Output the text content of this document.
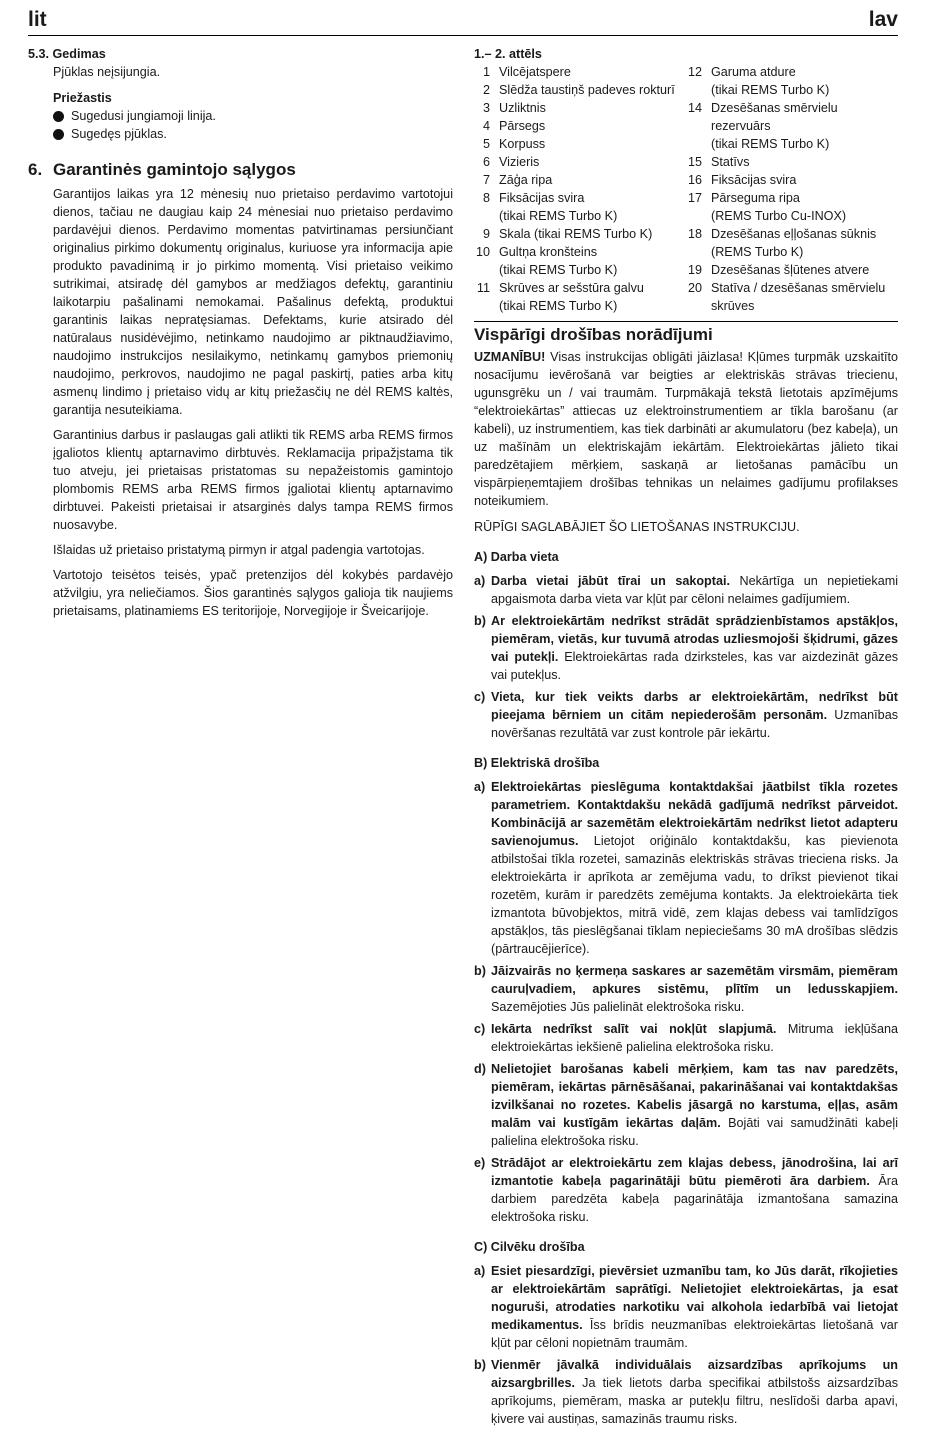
lit	lav

5.3. Gedimas

Pjūklas neįsijungia.
Priežastis
Sugedusi jungiamoji linija.
Sugedęs pjūklas.
6. Garantinės gamintojo sąlygos

Garantijos laikas yra 12 mėnesių nuo prietaiso perdavimo vartotojui dienos, tačiau ne daugiau kaip 24 mėnesiai nuo prietaiso perdavimo pardavėjui dienos. Perdavimo momentas patvirtinamas persiunčiant originalius pirkimo dokumentų originalus, kuriuose yra informacija apie produkto pavadinimą ir jo pirkimo momentą. Visi prietaiso veikimo sutrikimai, atsiradę dėl gamybos ar medžiagos defektų, garantiniu laikotarpiu pašalinami nemokamai. Pašalinus defektą, produktui garantinis laikas nepratęsiamas. Defektams, kurie atsirado dėl natūralaus nusidėvėjimo, netinkamo naudojimo ar piktnaudžiavimo, naudojimo instrukcijos nesilaikymo, netinkamų gamybos priemonių naudojimo, perkrovos, naudojimo ne pagal paskirtį, paties arba kitų asmenų lindimo į prietaiso vidų ar kitų priežasčių ne dėl REMS kaltės, garantija nesuteikiama.

Garantinius darbus ir paslaugas gali atlikti tik REMS arba REMS firmos įgaliotos klientų aptarnavimo dirbtuvės. Reklamacija pripažįstama tik tuo atveju, jei prietaisas pristatomas su nepažeistomis gamintojo plombomis REMS arba REMS firmos įgaliotai klientų aptarnavimo dirbtuvei. Pakeisti prietaisai ir atsarginės dalys tampa REMS firmos nuosavybe.

Išlaidas už prietaiso pristatymą pirmyn ir atgal padengia vartotojas.

Vartotojo teisėtos teisės, ypač pretenzijos dėl kokybės pardavėjo atžvilgiu, yra neliečiamos. Šios garantinės sąlygos galioja tik naujiems prietaisams, platinamiems ES teritorijoje, Norvegijoje ir Šveicarijoje.

1.– 2. attēls
1 Vilcējatspere
2 Slēdža taustiņš padeves rokturī
3 Uzliktnis
4 Pārsegs
5 Korpuss
6 Vizieris
7 Zāģa ripa
8 Fiksācijas svira
(tikai REMS Turbo K)
9 Skala (tikai REMS Turbo K)
10 Gultņa kronšteins
(tikai REMS Turbo K)
11 Skrūves ar sešstūra galvu
(tikai REMS Turbo K)
12 Garuma atdure
(tikai REMS Turbo K)
14 Dzesēšanas smērvielu rezervuārs
(tikai REMS Turbo K)
15 Statīvs
16 Fiksācijas svira
17 Pārseguma ripa
(REMS Turbo Cu-INOX)
18 Dzesēšanas eļļošanas sūknis
(REMS Turbo K)
19 Dzesēšanas šļūtenes atvere
20 Statīva / dzesēšanas smērvielu
skrūves
Vispārīgi drošības norādījumi

UZMANĪBU! Visas instrukcijas obligāti jāizlasa! Kļūmes turpmāk uzskaitīto nosacījumu ievērošanā var beigties ar elektriskās strāvas triecienu, ugunsgrēku un / vai traumām. Turpmākajā tekstā lietotais apzīmējums “elektroiekārtas” attiecas uz elektroinstrumentiem ar tīkla barošanu (ar kabeli), uz instrumentiem, kas tiek darbināti ar akumulatoru (bez kabeļa), un uz mašīnām un elektriskajām iekārtām. Elektroiekārtas jālieto tikai paredzētajiem mērķiem, saskaņā ar lietošanas pamācību un vispārpieņemtajiem drošības tehnikas un nelaimes gadījumu profilakses noteikumiem.

RŪPĪGI SAGLABĀJIET ŠO LIETOŠANAS INSTRUKCIJU.

A) Darba vieta
a) Darba vietai jābūt tīrai un sakoptai. Nekārtīga un nepietiekami apgaismota darba vieta var kļūt par cēloni nelaimes gadījumiem.
b) Ar elektroiekārtām nedrīkst strādāt sprādzienbīstamos apstākļos, piemēram, vietās, kur tuvumā atrodas uzliesmojoši šķidrumi, gāzes vai putekļi. Elektroiekārtas rada dzirksteles, kas var aizdezināt gāzes vai putekļus.
c) Vieta, kur tiek veikts darbs ar elektroiekārtām, nedrīkst būt pieejama bērniem un citām nepiederošām personām. Uzmanības novēršanas rezultātā var zust kontrole pār iekārtu.
B) Elektriskā drošība
a) Elektroiekārtas pieslēguma kontaktdakšai jāatbilst tīkla rozetes parametriem. Kontaktdakšu nekādā gadījumā nedrīkst pārveidot. Kombinācijā ar sazemētām elektroiekārtām nedrīkst lietot adapteru savienojumus. Lietojot oriģinālo kontaktdakšu, kas pievienota atbilstošai tīkla rozetei, samazinās elektriskās strāvas trieciena risks. Ja elektroiekārta ir aprīkota ar zemējuma vadu, to drīkst pievienot tikai rozetēm, kurām ir paredzēts zemējuma kontakts. Ja elektroiekārta tiek izmantota būvobjektos, mitrā vidē, zem klajas debess vai tamlīdzīgos apstākļos, tās pieslēgšanai tīklam nepieciešams 30 mA drošības slēdzis (pārtraucējierīce).
b) Jāizvairās no ķermeņa saskares ar sazemētām virsmām, piemēram cauruļvadiem, apkures sistēmu, plītīm un ledusskapjiem. Sazemējoties Jūs palielināt elektrošoka risku.
c) Iekārta nedrīkst salīt vai nokļūt slapjumā. Mitruma iekļūšana elektroiekārtas iekšienē palielina elektrošoka risku.
d) Nelietojiet barošanas kabeli mērķiem, kam tas nav paredzēts, piemēram, iekārtas pārnēsāšanai, pakarināšanai vai kontaktdakšas izvilkšanai no rozetes. Kabelis jāsargā no karstuma, eļļas, asām malām vai kustīgām iekārtas daļām. Bojāti vai samudžināti kabeļi palielina elektrošoka risku.
e) Strādājot ar elektroiekārtu zem klajas debess, jānodrošina, lai arī izmantotie kabeļa pagarinātāji būtu piemēroti āra darbiem. Āra darbiem paredzēta kabeļa pagarinātāja izmantošana samazina elektrošoka risku.
C) Cilvēku drošība
a) Esiet piesardzīgi, pievērsiet uzmanību tam, ko Jūs darāt, rīkojieties ar elektroiekārtām saprātīgi. Nelietojiet elektroiekārtas, ja esat noguruši, atrodaties narkotiku vai alkohola iedarbībā vai lietojat medikamentus. Īss brīdis neuzmanības elektroiekārtas lietošanā var kļūt par cēloni nopietnām traumām.
b) Vienmēr jāvalkā individuālais aizsardzības aprīkojums un aizsargbrilles. Ja tiek lietots darba specifikai atbilstošs aizsardzības aprīkojums, piemēram, maska ar putekļu filtru, neslīdoši darba apavi, ķivere vai austiņas, samazinās traumu risks.
